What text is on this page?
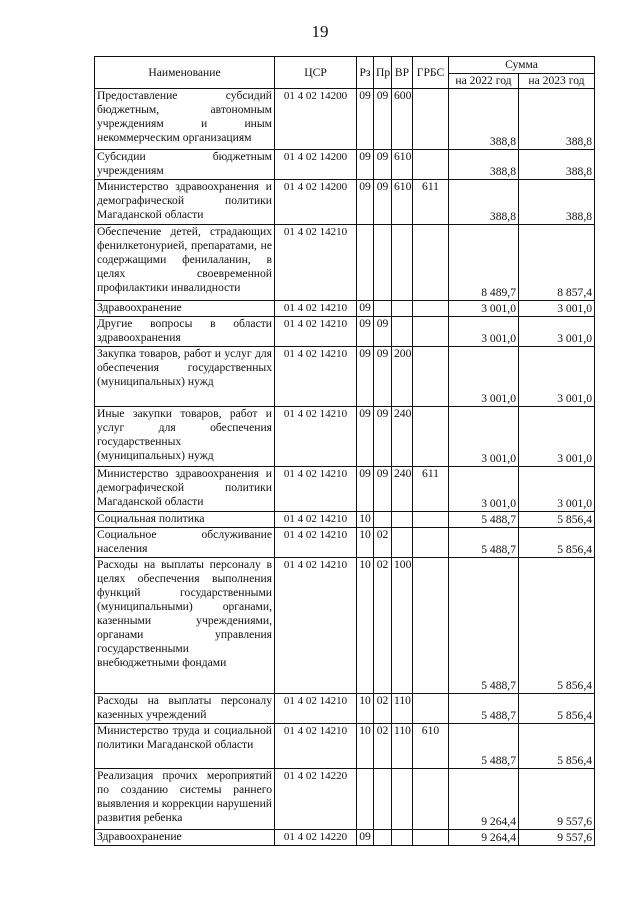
19
Наименование	ЦСР	Рз	Пр	ВР	ГРБС	Сумма	
						на 2022 год	на 2023 год
Предоставление субсидий бюджетным, автономным учреждениям и иным некоммерческим организациям	01 4 02 14200	09	09	600		388,8	388,8
Субсидии бюджетным учреждениям	01 4 02 14200	09	09	610		388,8	388,8
Министерство здравоохранения и демографической политики Магаданской области	01 4 02 14200	09	09	610	611	388,8	388,8
Обеспечение детей, страдающих фенилкетонурией, препаратами, не содержащими фенилаланин, в целях своевременной профилактики инвалидности	01 4 02 14210					8 489,7	8 857,4
Здравоохранение	01 4 02 14210	09				3 001,0	3 001,0
Другие вопросы в области здравоохранения	01 4 02 14210	09	09			3 001,0	3 001,0
Закупка товаров, работ и услуг для обеспечения государственных (муниципальных) нужд	01 4 02 14210	09	09	200		3 001,0	3 001,0
Иные закупки товаров, работ и услуг для обеспечения государственных (муниципальных) нужд	01 4 02 14210	09	09	240		3 001,0	3 001,0
Министерство здравоохранения и демографической политики Магаданской области	01 4 02 14210	09	09	240	611	3 001,0	3 001,0
Социальная политика	01 4 02 14210	10				5 488,7	5 856,4
Социальное обслуживание населения	01 4 02 14210	10	02			5 488,7	5 856,4
Расходы на выплаты персоналу в целях обеспечения выполнения функций государственными (муниципальными) органами, казенными учреждениями, органами управления государственными внебюджетными фондами	01 4 02 14210	10	02	100		5 488,7	5 856,4
Расходы на выплаты персоналу казенных учреждений	01 4 02 14210	10	02	110		5 488,7	5 856,4
Министерство труда и социальной политики Магаданской области	01 4 02 14210	10	02	110	610	5 488,7	5 856,4
Реализация прочих мероприятий по созданию системы раннего выявления и коррекции нарушений развития ребенка	01 4 02 14220					9 264,4	9 557,6
Здравоохранение	01 4 02 14220	09				9 264,4	9 557,6
